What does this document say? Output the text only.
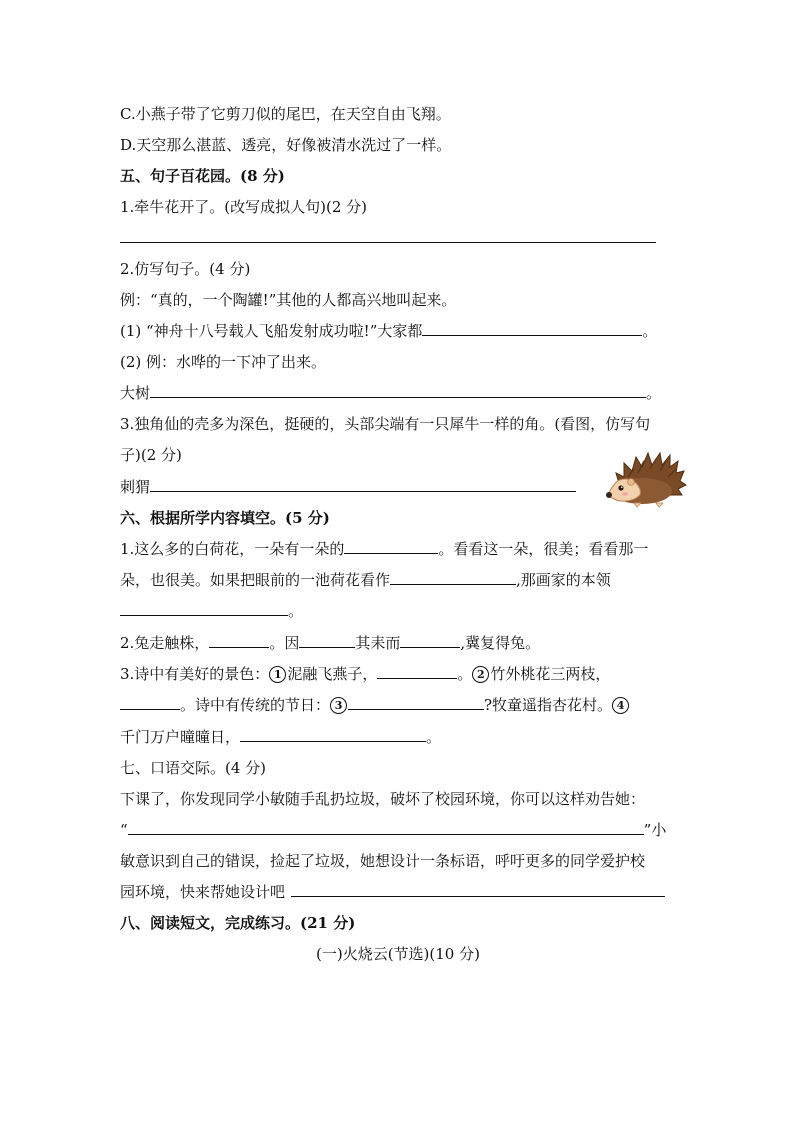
C.小燕子带了它剪刀似的尾巴，在天空自由飞翔。
D.天空那么湛蓝、透亮，好像被清水洗过了一样。
五、句子百花园。(8 分)
1.牵牛花开了。(改写成拟人句)(2 分)
2.仿写句子。(4 分)
例：“真的，一个陶罐!”其他的人都高兴地叫起来。
(1) “神舟十八号载人飞船发射成功啦!”大家都	。
(2) 例：水哗的一下冲了出来。
大树	。
3.独角仙的壳多为深色，挺硬的，头部尖端有一只犀牛一样的角。(看图，仿写句
子)(2 分)
刺猬
六、根据所学内容填空。(5 分)
1.这么多的白荷花，一朵有一朵的	。看看这一朵，很美；看看那一
朵，也很美。如果把眼前的一池荷花看作	,那画家的本领
。
2.兔走触株，	。因	其耒而	,冀复得兔。
3.诗中有美好的景色： 1 泥融飞燕子，	。 2 竹外桃花三两枝，
。诗中有传统的节日： 3	?牧童遥指杏花村。 4
千门万户曈曈日，	。
七、口语交际。(4 分)
下课了，你发现同学小敏随手乱扔垃圾，破坏了校园环境，你可以这样劝告她：
“	”小
敏意识到自己的错误，捡起了垃圾，她想设计一条标语，呼吁更多的同学爱护校
园环境，快来帮她设计吧
八、阅读短文，完成练习。(21 分)
(一)火烧云(节选)(10 分)
